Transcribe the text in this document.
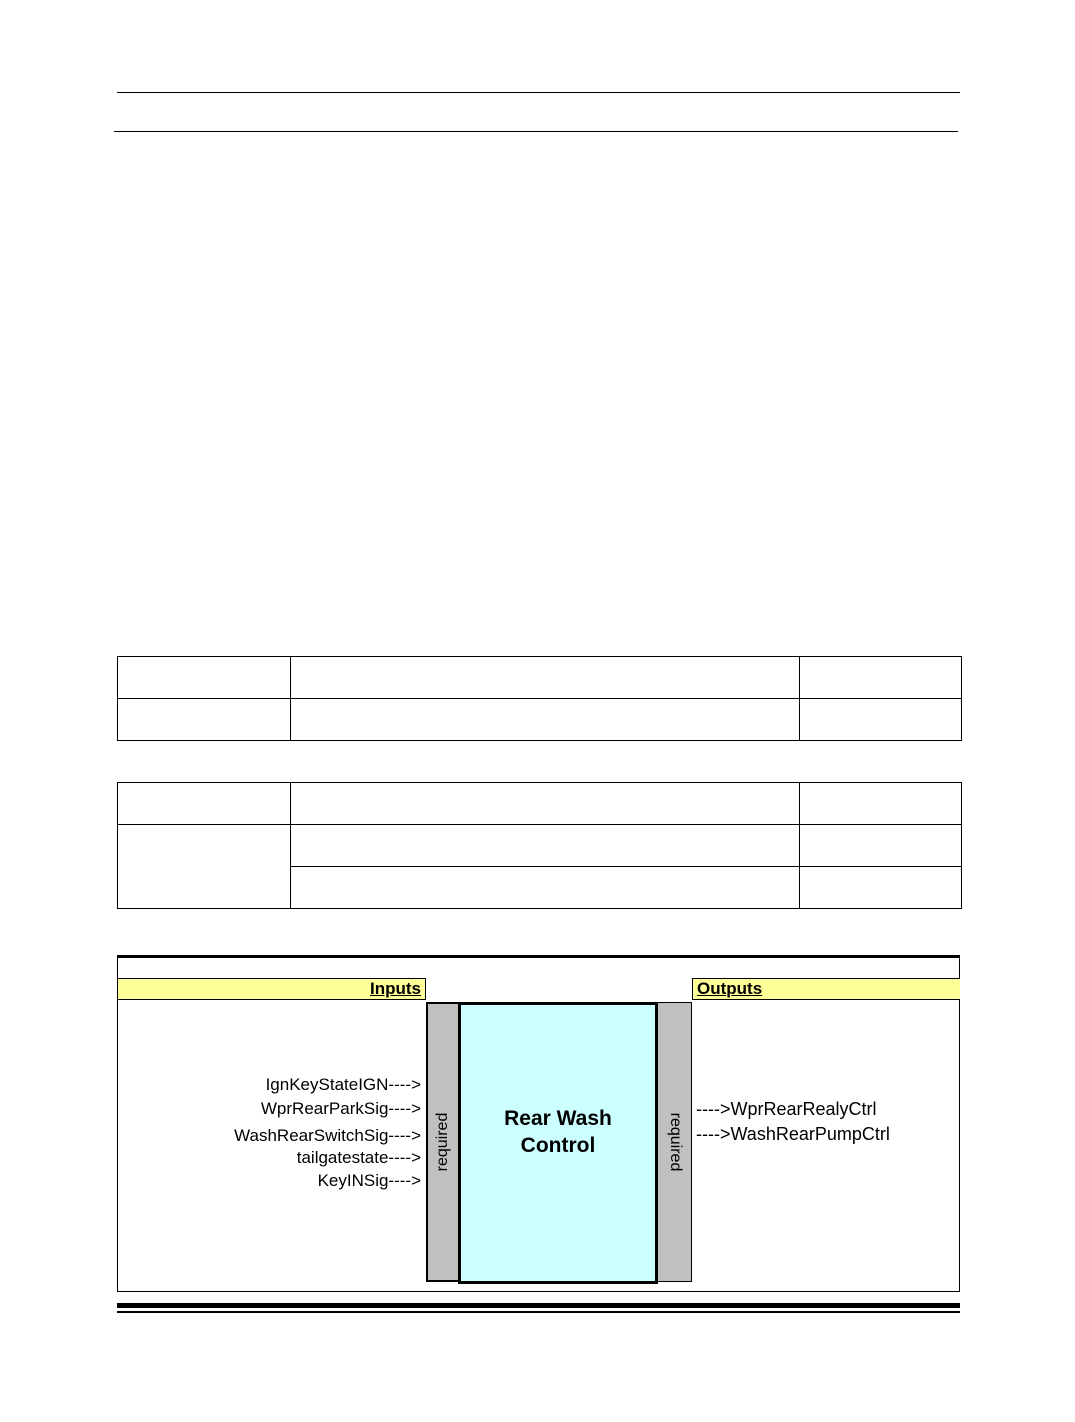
Inputs	Outputs
required	Rear Wash Control	required
IgnKeyStateIGN---->
WprRearParkSig---->
WashRearSwitchSig---->
tailgatestate---->
KeyINSig---->
---->WprRearRealyCtrl
---->WashRearPumpCtrl
